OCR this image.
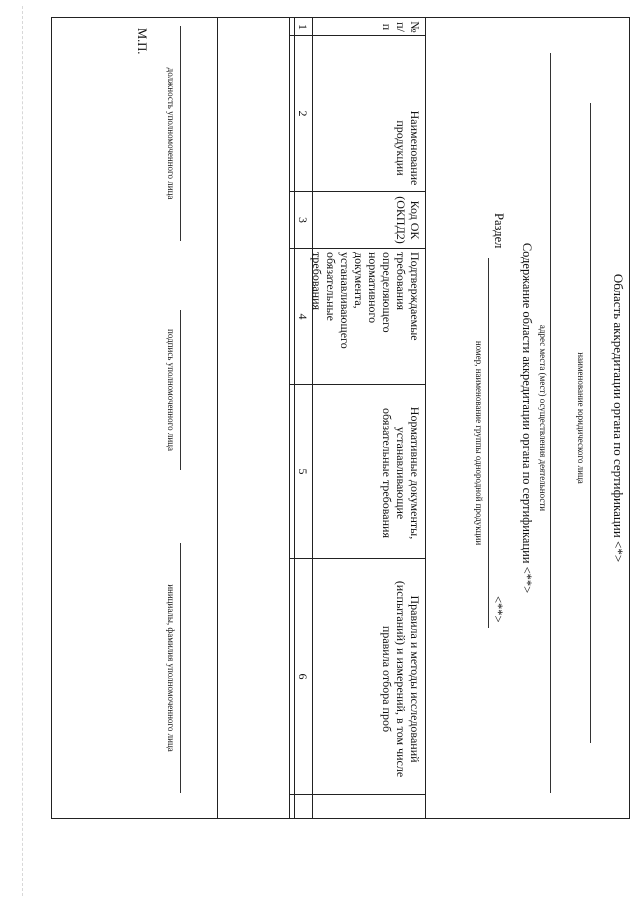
Область аккредитации органа по сертификации <*>
наименование юридического лица
адрес места (мест) осуществления деятельности
Содержание области аккредитации органа по сертификации <**>
Раздел
<**>
номер, наименование группы однородной продукции
№ п/п
Наименование продукции
Код ОК (ОКПД2)
Подтверждаемые требования определяющего нормативного документа, устанавливающего обязательные требования
Нормативные документы, устанавливающие обязательные требования
Правила и методы исследований (испытаний) и измерений, в том числе правила отбора проб
1
2
3
4
5
6
должность уполномоченного лица
подпись уполномоченного лица
инициалы, фамилия уполномоченного лица
М.П.
